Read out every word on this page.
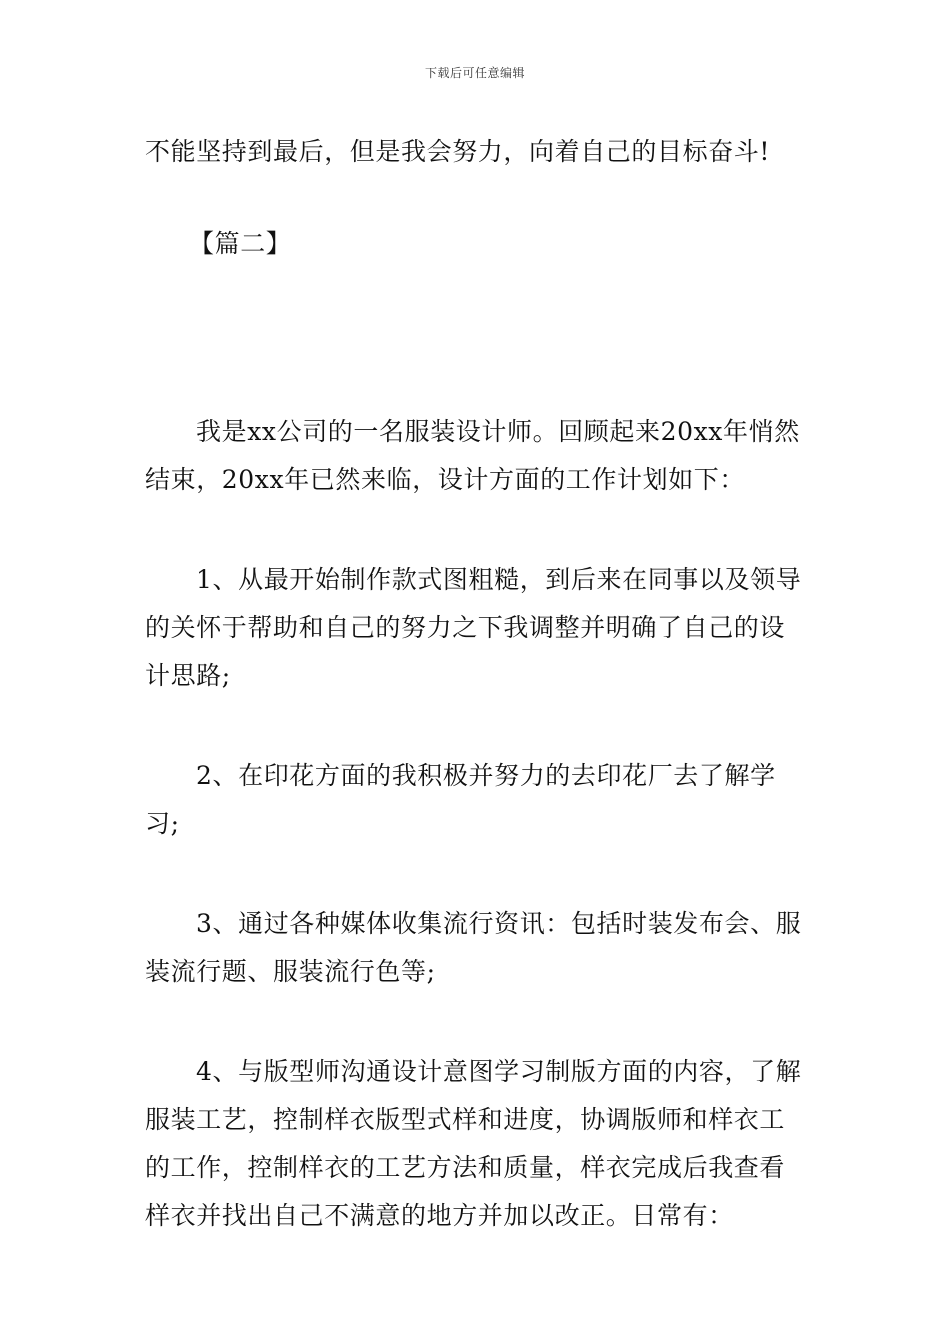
下载后可任意编辑

不能坚持到最后，但是我会努力，向着自己的目标奋斗!

【篇二】

我是xx公司的一名服装设计师。回顾起来20xx年悄然结束，20xx年已然来临，设计方面的工作计划如下：

1、从最开始制作款式图粗糙，到后来在同事以及领导的关怀于帮助和自己的努力之下我调整并明确了自己的设计思路;

2、在印花方面的我积极并努力的去印花厂去了解学习;

3、通过各种媒体收集流行资讯：包括时装发布会、服装流行题、服装流行色等;

4、与版型师沟通设计意图学习制版方面的内容，了解服装工艺，控制样衣版型式样和进度，协调版师和样衣工的工作，控制样衣的工艺方法和质量，样衣完成后我查看样衣并找出自己不满意的地方并加以改正。日常有：
